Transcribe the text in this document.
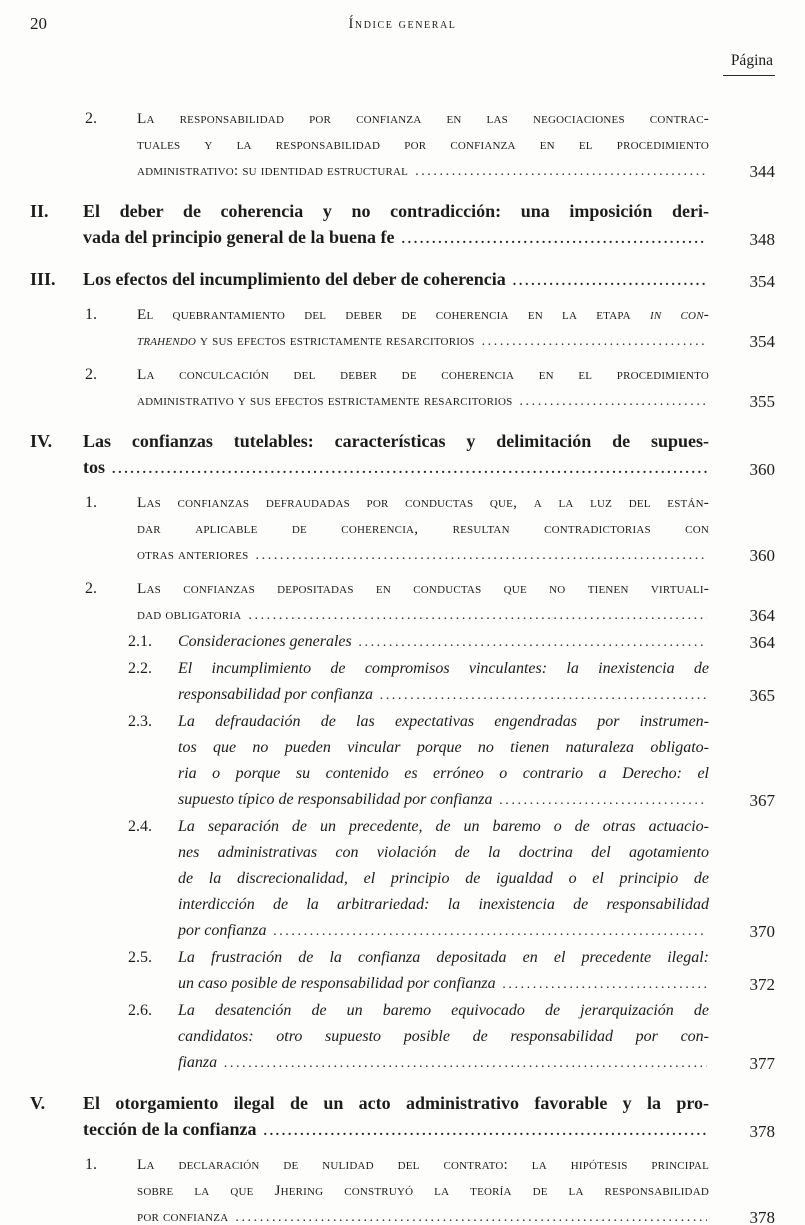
20	Índice general
Página
2.	La responsabilidad por confianza en las negociaciones contrac-
tuales y la responsabilidad por confianza en el procedimiento
administrativo: su identidad estructural .....	344
II.	El deber de coherencia y no contradicción: una imposición deri-
vada del principio general de la buena fe .....	348
III.	Los efectos del incumplimiento del deber de coherencia .....	354
1.	El quebrantamiento del deber de coherencia en la etapa in con-
trahendo y sus efectos estrictamente resarcitorios .....	354
2.	La conculcación del deber de coherencia en el procedimiento
administrativo y sus efectos estrictamente resarcitorios .....	355
IV.	Las confianzas tutelables: características y delimitación de supues-
tos .....	360
1.	Las confianzas defraudadas por conductas que, a la luz del están-
dar aplicable de coherencia, resultan contradictorias con
otras anteriores .....	360
2.	Las confianzas depositadas en conductas que no tienen virtuali-
dad obligatoria .....	364
2.1.	Consideraciones generales .....	364
2.2.	El incumplimiento de compromisos vinculantes: la inexistencia de
responsabilidad por confianza .....	365
2.3.	La defraudación de las expectativas engendradas por instrumen-
tos que no pueden vincular porque no tienen naturaleza obligato-
ria o porque su contenido es erróneo o contrario a Derecho: el
supuesto típico de responsabilidad por confianza .....	367
2.4.	La separación de un precedente, de un baremo o de otras actuacio-
nes administrativas con violación de la doctrina del agotamiento
de la discrecionalidad, el principio de igualdad o el principio de
interdicción de la arbitrariedad: la inexistencia de responsabilidad
por confianza .....	370
2.5.	La frustración de la confianza depositada en el precedente ilegal:
un caso posible de responsabilidad por confianza .....	372
2.6.	La desatención de un baremo equivocado de jerarquización de
candidatos: otro supuesto posible de responsabilidad por con-
fianza .....	377
V.	El otorgamiento ilegal de un acto administrativo favorable y la pro-
tección de la confianza .....	378
1.	La declaración de nulidad del contrato: la hipótesis principal
sobre la que Jhering construyó la teoría de la responsabilidad
por confianza .....	378
